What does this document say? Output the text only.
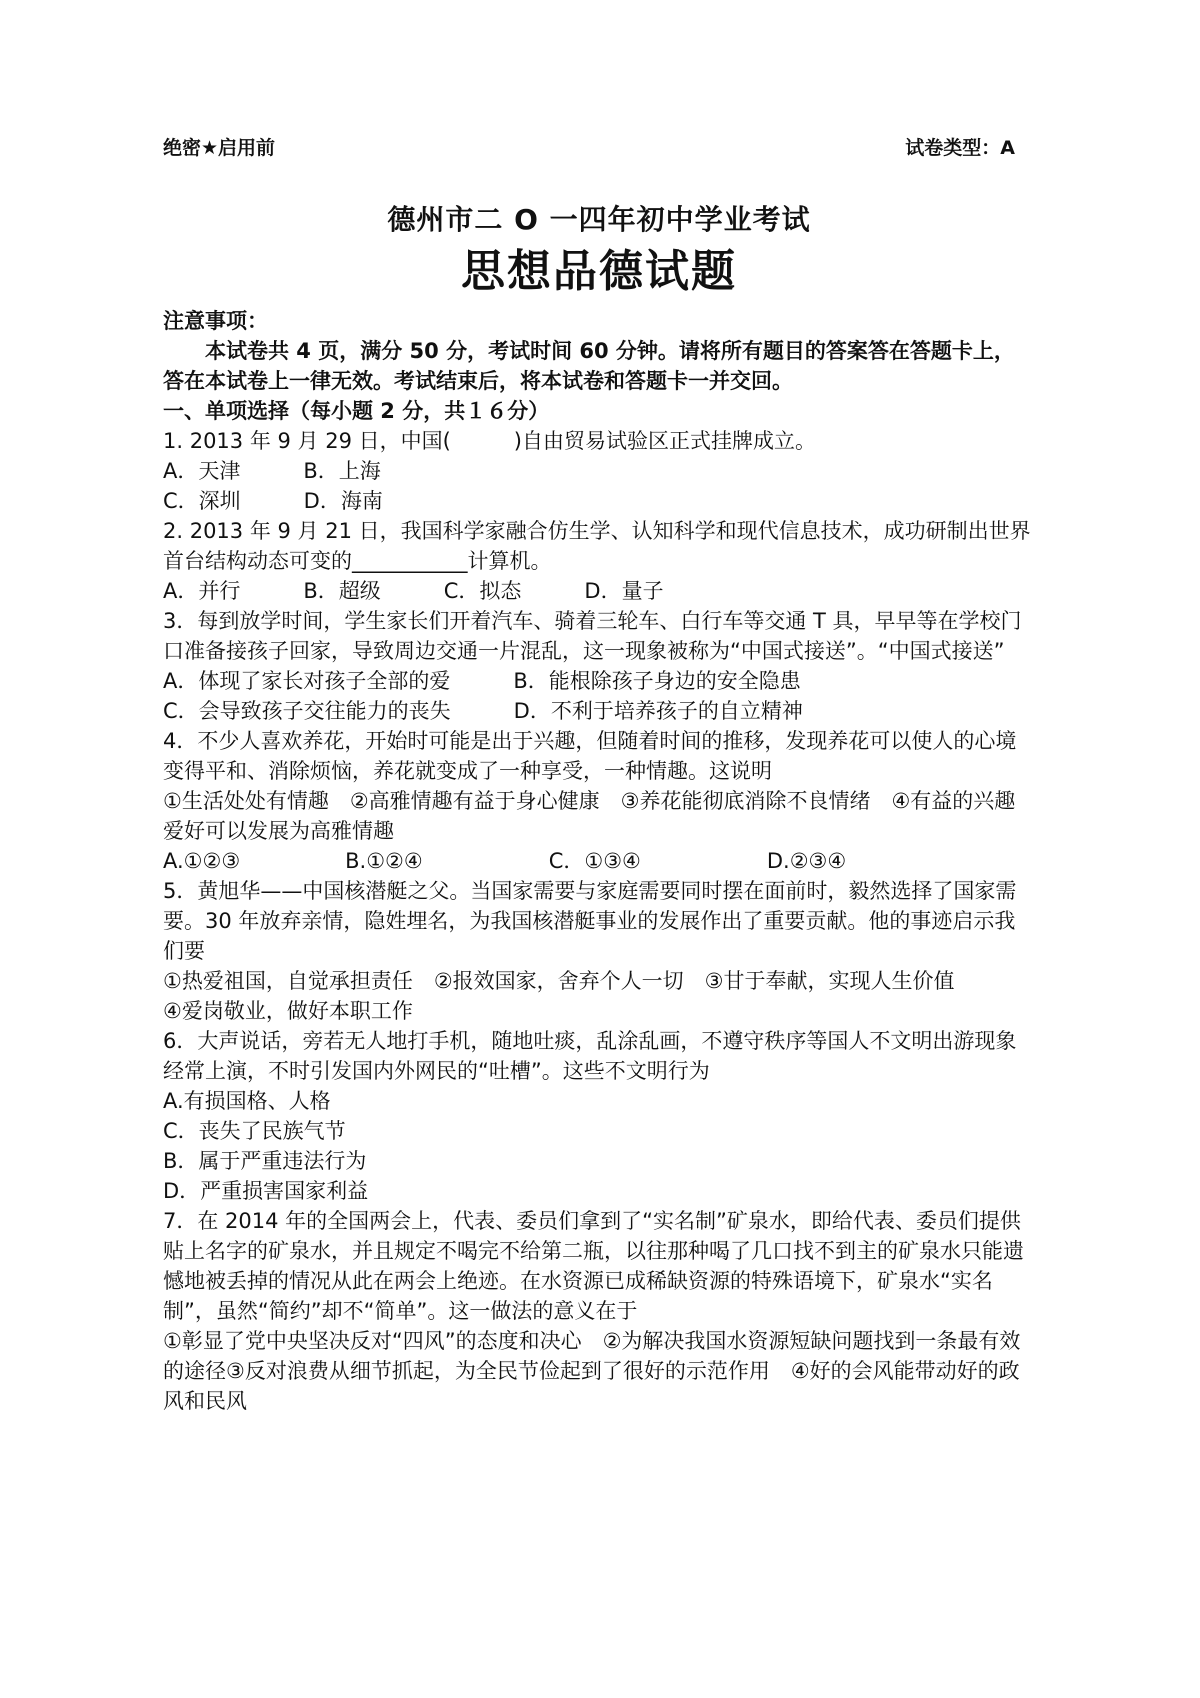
绝密★启用前	试卷类型：A
德州市二 O 一四年初中学业考试
思想品德试题

注意事项：

本试卷共 4 页，满分 50 分，考试时间 60 分钟。请将所有题目的答案答在答题卡上，答在本试卷上一律无效。考试结束后，将本试卷和答题卡一并交回。

一、单项选择（每小题 2 分，共１６分）

1. 2013 年 9 月 29 日，中国(　　　)自由贸易试验区正式挂牌成立。

A．天津　　　B．上海

C．深圳　　　D．海南

2. 2013 年 9 月 21 日，我国科学家融合仿生学、认知科学和现代信息技术，成功研制出世界首台结构动态可变的___________计算机。

A．并行　　　B．超级　　　C．拟态　　　D．量子

3．每到放学时间，学生家长们开着汽车、骑着三轮车、白行车等交通 T 具，早早等在学校门口准备接孩子回家，导致周边交通一片混乱，这一现象被称为“中国式接送”。“中国式接送”

A．体现了家长对孩子全部的爱　　　B．能根除孩子身边的安全隐患

C．会导致孩子交往能力的丧失　　　D．不利于培养孩子的自立精神

4．不少人喜欢养花，开始时可能是出于兴趣，但随着时间的推移，发现养花可以使人的心境变得平和、消除烦恼，养花就变成了一种享受，一种情趣。这说明

①生活处处有情趣　②高雅情趣有益于身心健康　③养花能彻底消除不良情绪　④有益的兴趣爱好可以发展为高雅情趣

A.①②③　　　　　B.①②④　　　　　　C．①③④　　　　　　D.②③④

5．黄旭华——中国核潜艇之父。当国家需要与家庭需要同时摆在面前时，毅然选择了国家需要。30 年放弃亲情，隐姓埋名，为我国核潜艇事业的发展作出了重要贡献。他的事迹启示我们要

①热爱祖国，自觉承担责任　②报效国家，舍弃个人一切　③甘于奉献，实现人生价值

④爱岗敬业，做好本职工作

6．大声说话，旁若无人地打手机，随地吐痰，乱涂乱画，不遵守秩序等国人不文明出游现象经常上演，不时引发国内外网民的“吐槽”。这些不文明行为

A.有损国格、人格

C．丧失了民族气节

B．属于严重违法行为

D．严重损害国家利益

7．在 2014 年的全国两会上，代表、委员们拿到了“实名制”矿泉水，即给代表、委员们提供贴上名字的矿泉水，并且规定不喝完不给第二瓶，以往那种喝了几口找不到主的矿泉水只能遗憾地被丢掉的情况从此在两会上绝迹。在水资源已成稀缺资源的特殊语境下，矿泉水“实名制”，虽然“简约”却不“简单”。这一做法的意义在于

①彰显了党中央坚决反对“四风”的态度和决心　②为解决我国水资源短缺问题找到一条最有效的途径③反对浪费从细节抓起，为全民节俭起到了很好的示范作用　④好的会风能带动好的政风和民风
